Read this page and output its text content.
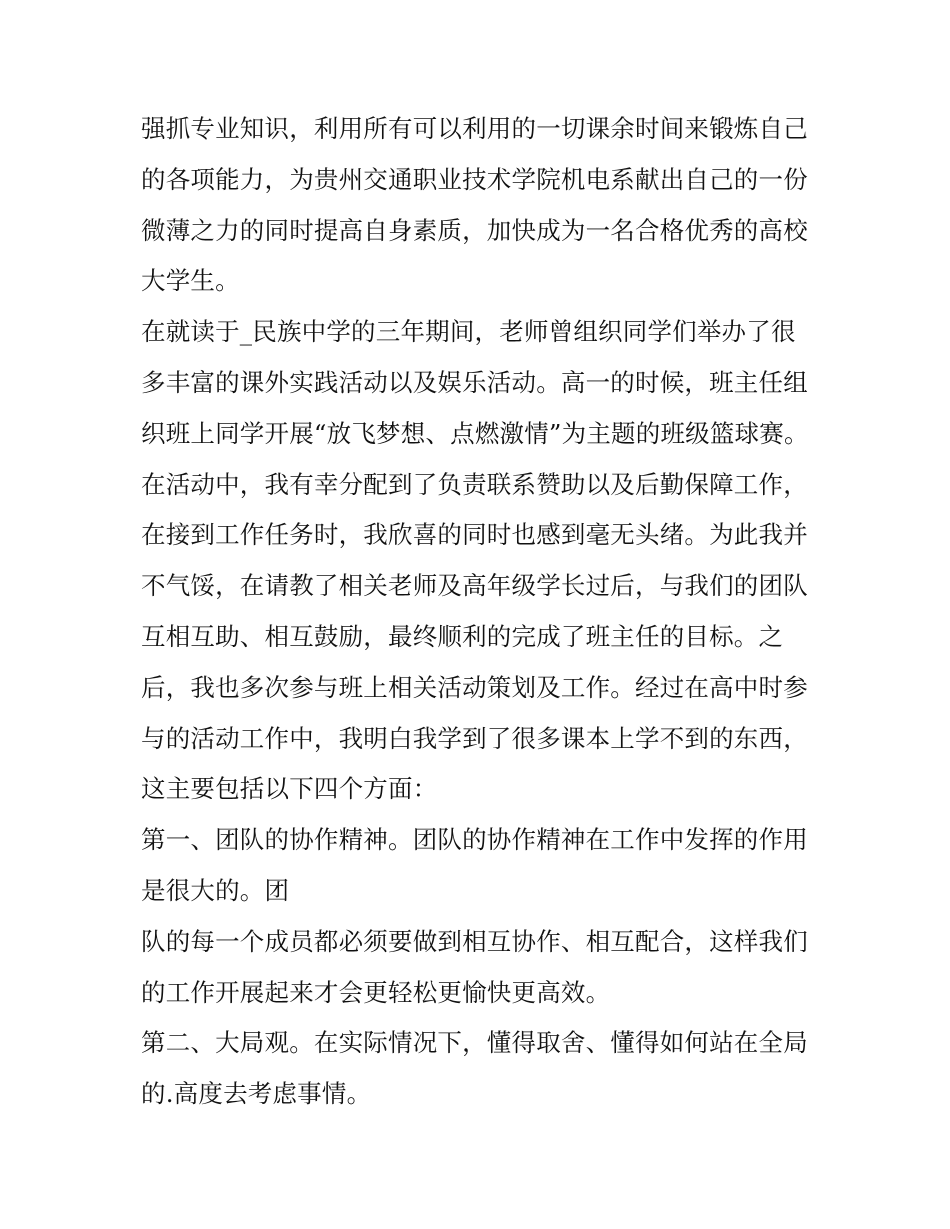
强抓专业知识，利用所有可以利用的一切课余时间来锻炼自己
的各项能力，为贵州交通职业技术学院机电系献出自己的一份
微薄之力的同时提高自身素质，加快成为一名合格优秀的高校
大学生。
在就读于_民族中学的三年期间，老师曾组织同学们举办了很
多丰富的课外实践活动以及娱乐活动。高一的时候，班主任组
织班上同学开展“放飞梦想、点燃激情”为主题的班级篮球赛。
在活动中，我有幸分配到了负责联系赞助以及后勤保障工作，
在接到工作任务时，我欣喜的同时也感到毫无头绪。为此我并
不气馁，在请教了相关老师及高年级学长过后，与我们的团队
互相互助、相互鼓励，最终顺利的完成了班主任的目标。之
后，我也多次参与班上相关活动策划及工作。经过在高中时参
与的活动工作中，我明白我学到了很多课本上学不到的东西，
这主要包括以下四个方面：
第一、团队的协作精神。团队的协作精神在工作中发挥的作用
是很大的。团
队的每一个成员都必须要做到相互协作、相互配合，这样我们
的工作开展起来才会更轻松更愉快更高效。
第二、大局观。在实际情况下，懂得取舍、懂得如何站在全局
的.高度去考虑事情。
